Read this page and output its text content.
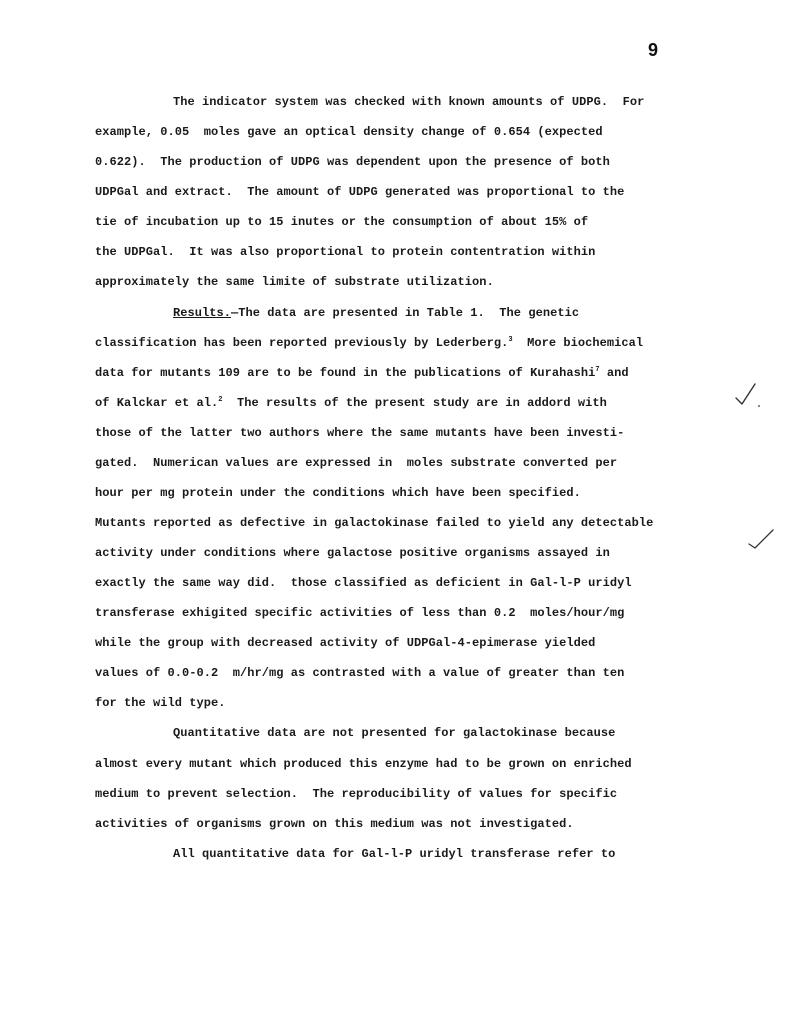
9
The indicator system was checked with known amounts of UDPG.  For
example, 0.05  moles gave an optical density change of 0.654 (expected
0.622).  The production of UDPG was dependent upon the presence of both
UDPGal and extract.  The amount of UDPG generated was proportional to the
tie of incubation up to 15 inutes or the consumption of about 15% of
the UDPGal.  It was also proportional to protein contentration within
approximately the same limite of substrate utilization.
Results.—The data are presented in Table 1.  The genetic
classification has been reported previously by Lederberg.$^3$  More biochemical
data for mutants 109 are to be found in the publications of Kurahashi$^7$ and
of Kalckar et al.$^2$  The results of the present study are in addord with
those of the latter two authors where the same mutants have been investi-
gated.  Numerican values are expressed in  moles substrate converted per
hour per mg protein under the conditions which have been specified.
Mutants reported as defective in galactokinase failed to yield any detectable
activity under conditions where galactose positive organisms assayed in
exactly the same way did.  those classified as deficient in Gal-l-P uridyl
transferase exhigited specific activities of less than 0.2  moles/hour/mg
while the group with decreased activity of UDPGal-4-epimerase yielded
values of 0.0-0.2  m/hr/mg as contrasted with a value of greater than ten
for the wild type.
Quantitative data are not presented for galactokinase because
almost every mutant which produced this enzyme had to be grown on enriched
medium to prevent selection.  The reproducibility of values for specific
activities of organisms grown on this medium was not investigated.
All quantitative data for Gal-l-P uridyl transferase refer to
